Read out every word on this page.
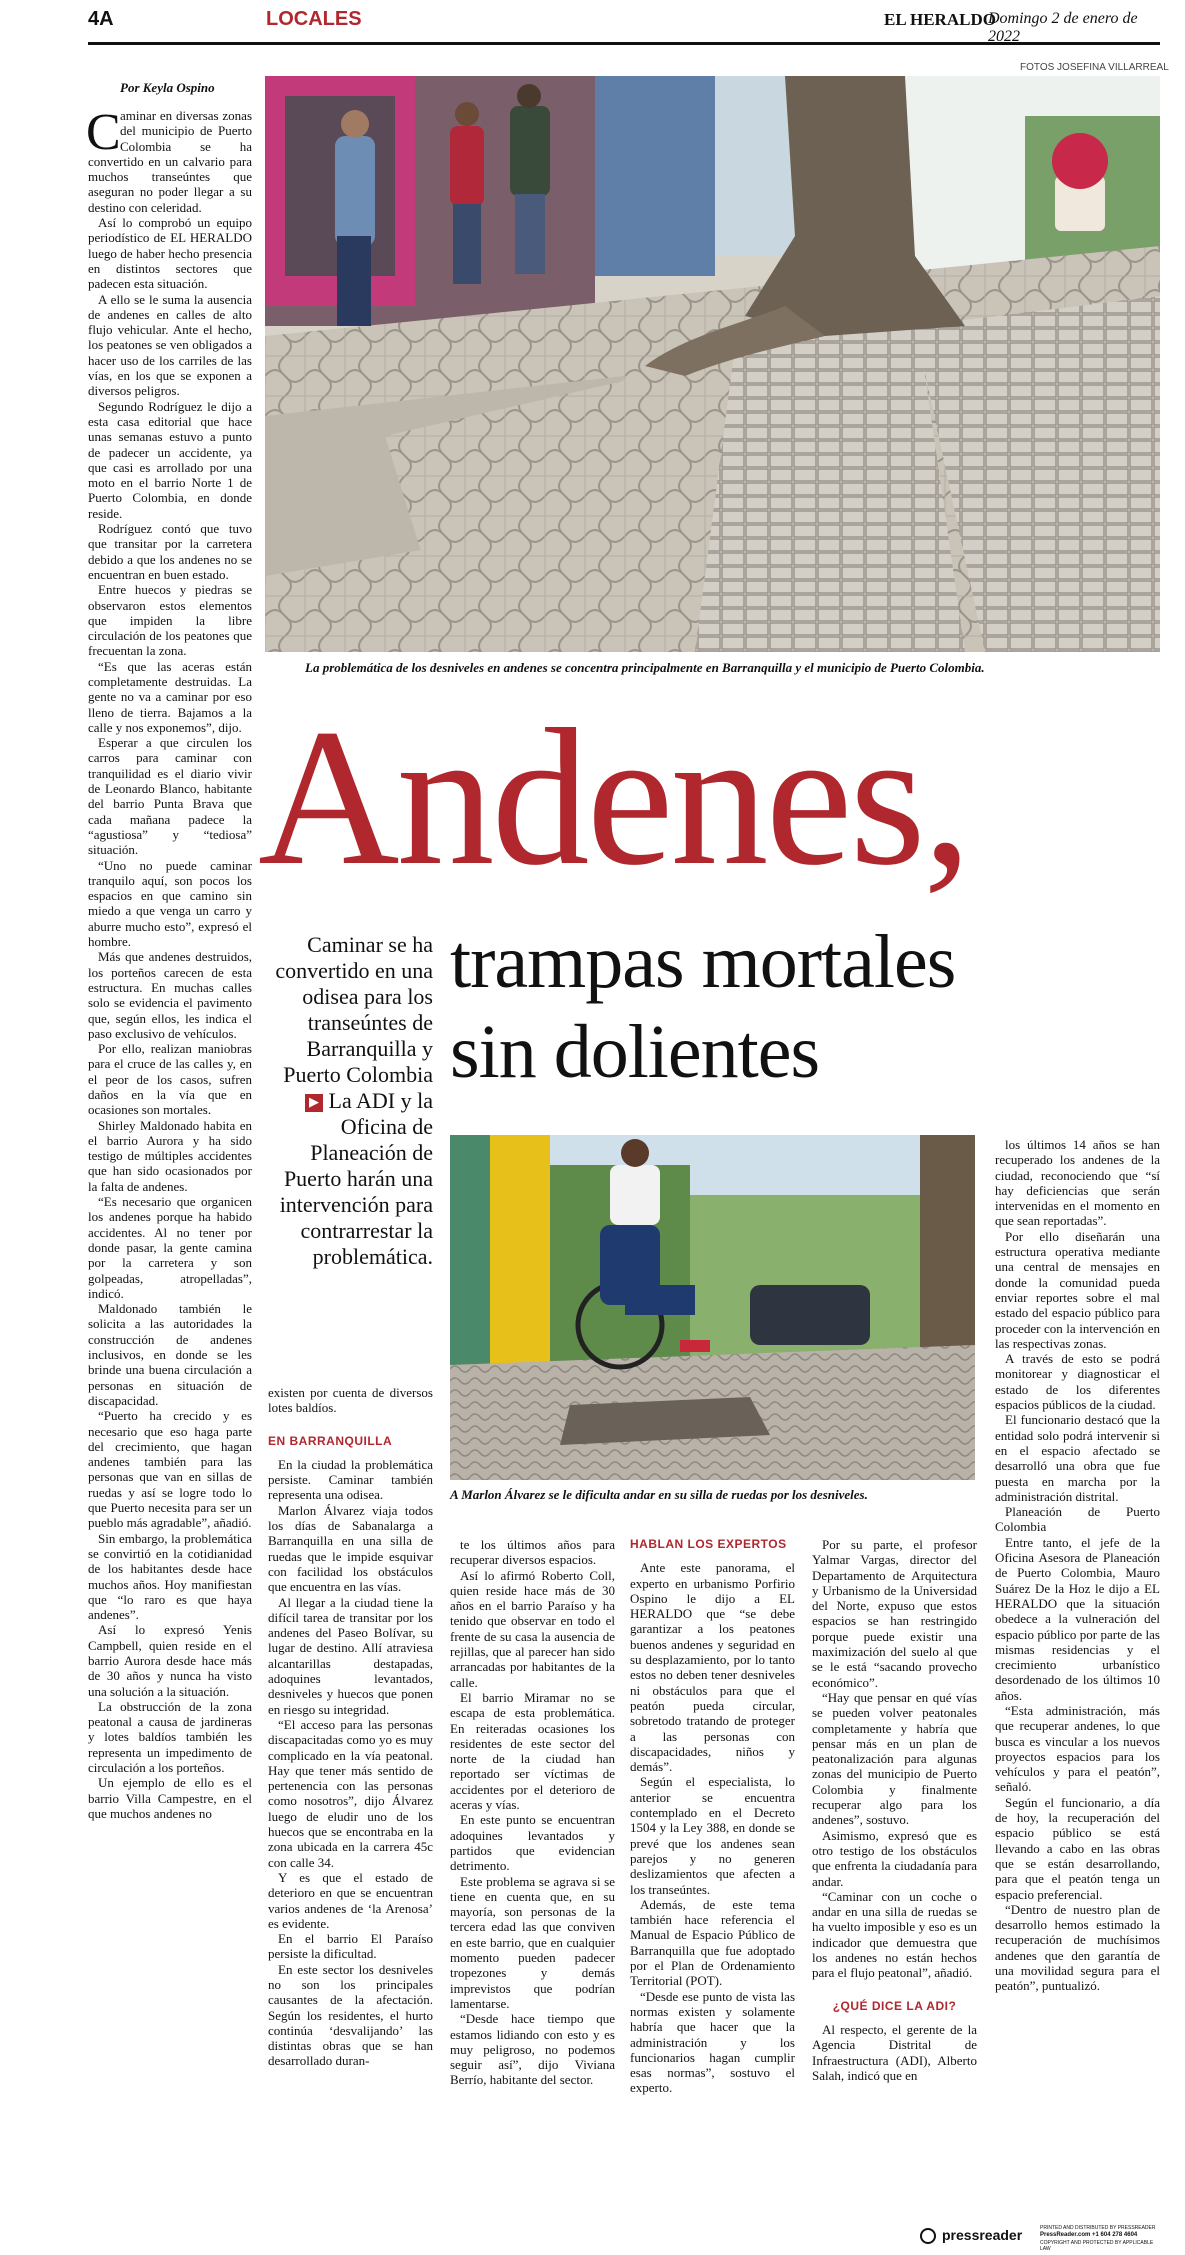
4A	LOCALES	EL HERALDO
Domingo 2 de enero de 2022
Por Keyla Ospino
FOTOS JOSEFINA VILLARREAL
La problemática de los desniveles en andenes se concentra principalmente en Barranquilla y el municipio de Puerto Colombia.
Andenes,
trampas mortales
sin dolientes
Caminar se ha convertido en una odisea para los transeúntes de Barranquilla y Puerto Colombia ▶ La ADI y la Oficina de Planeación de Puerto harán una intervención para contrarrestar la problemática.
A Marlon Álvarez se le dificulta andar en su silla de ruedas por los desniveles.
C aminar en diversas zonas del municipio de Puerto Colombia se ha convertido en un calvario para muchos transeúntes que aseguran no poder llegar a su destino con celeridad.

Así lo comprobó un equipo periodístico de EL HERALDO luego de haber hecho presencia en distintos sectores que padecen esta situación.

A ello se le suma la ausencia de andenes en calles de alto flujo vehicular. Ante el hecho, los peatones se ven obligados a hacer uso de los carriles de las vías, en los que se exponen a diversos peligros.

Segundo Rodríguez le dijo a esta casa editorial que hace unas semanas estuvo a punto de padecer un accidente, ya que casi es arrollado por una moto en el barrio Norte 1 de Puerto Colombia, en donde reside.

Rodríguez contó que tuvo que transitar por la carretera debido a que los andenes no se encuentran en buen estado.

Entre huecos y piedras se observaron estos elementos que impiden la libre circulación de los peatones que frecuentan la zona.

“Es que las aceras están completamente destruidas. La gente no va a caminar por eso lleno de tierra. Bajamos a la calle y nos exponemos”, dijo.

Esperar a que circulen los carros para caminar con tranquilidad es el diario vivir de Leonardo Blanco, habitante del barrio Punta Brava que cada mañana padece la “agustiosa” y “tediosa” situación.

“Uno no puede caminar tranquilo aquí, son pocos los espacios en que camino sin miedo a que venga un carro y aburre mucho esto”, expresó el hombre.

Más que andenes destruidos, los porteños carecen de esta estructura. En muchas calles solo se evidencia el pavimento que, según ellos, les indica el paso exclusivo de vehículos.

Por ello, realizan maniobras para el cruce de las calles y, en el peor de los casos, sufren daños en la vía que en ocasiones son mortales.

Shirley Maldonado habita en el barrio Aurora y ha sido testigo de múltiples accidentes que han sido ocasionados por la falta de andenes.

“Es necesario que organicen los andenes porque ha habido accidentes. Al no tener por donde pasar, la gente camina por la carretera y son golpeadas, atropelladas”, indicó.

Maldonado también le solicita a las autoridades la construcción de andenes inclusivos, en donde se les brinde una buena circulación a personas en situación de discapacidad.

“Puerto ha crecido y es necesario que eso haga parte del crecimiento, que hagan andenes también para las personas que van en sillas de ruedas y así se logre todo lo que Puerto necesita para ser un pueblo más agradable”, añadió.

Sin embargo, la problemática se convirtió en la cotidianidad de los habitantes desde hace muchos años. Hoy manifiestan que “lo raro es que haya andenes”.

Así lo expresó Yenis Campbell, quien reside en el barrio Aurora desde hace más de 30 años y nunca ha visto una solución a la situación.

La obstrucción de la zona peatonal a causa de jardineras y lotes baldíos también les representa un impedimento de circulación a los porteños.

Un ejemplo de ello es el barrio Villa Campestre, en el que muchos andenes no

existen por cuenta de diversos lotes baldíos.

EN BARRANQUILLA

En la ciudad la problemática persiste. Caminar también representa una odisea.

Marlon Álvarez viaja todos los días de Sabanalarga a Barranquilla en una silla de ruedas que le impide esquivar con facilidad los obstáculos que encuentra en las vías.

Al llegar a la ciudad tiene la difícil tarea de transitar por los andenes del Paseo Bolívar, su lugar de destino. Allí atraviesa alcantarillas destapadas, adoquines levantados, desniveles y huecos que ponen en riesgo su integridad.

“El acceso para las personas discapacitadas como yo es muy complicado en la vía peatonal. Hay que tener más sentido de pertenencia con las personas como nosotros”, dijo Álvarez luego de eludir uno de los huecos que se encontraba en la zona ubicada en la carrera 45c con calle 34.

Y es que el estado de deterioro en que se encuentran varios andenes de ‘la Arenosa’ es evidente.

En el barrio El Paraíso persiste la dificultad.

En este sector los desniveles no son los principales causantes de la afectación. Según los residentes, el hurto continúa ‘desvalijando’ las distintas obras que se han desarrollado duran-

te los últimos años para recuperar diversos espacios.

Así lo afirmó Roberto Coll, quien reside hace más de 30 años en el barrio Paraíso y ha tenido que observar en todo el frente de su casa la ausencia de rejillas, que al parecer han sido arrancadas por habitantes de la calle.

El barrio Miramar no se escapa de esta problemática. En reiteradas ocasiones los residentes de este sector del norte de la ciudad han reportado ser víctimas de accidentes por el deterioro de aceras y vías.

En este punto se encuentran adoquines levantados y partidos que evidencian detrimento.

Este problema se agrava si se tiene en cuenta que, en su mayoría, son personas de la tercera edad las que conviven en este barrio, que en cualquier momento pueden padecer tropezones y demás imprevistos que podrían lamentarse.

“Desde hace tiempo que estamos lidiando con esto y es muy peligroso, no podemos seguir así”, dijo Viviana Berrío, habitante del sector.

HABLAN LOS EXPERTOS

Ante este panorama, el experto en urbanismo Porfirio Ospino le dijo a EL HERALDO que “se debe garantizar a los peatones buenos andenes y seguridad en su desplazamiento, por lo tanto estos no deben tener desniveles ni obstáculos para que el peatón pueda circular, sobretodo tratando de proteger a las personas con discapacidades, niños y demás”.

Según el especialista, lo anterior se encuentra contemplado en el Decreto 1504 y la Ley 388, en donde se prevé que los andenes sean parejos y no generen deslizamientos que afecten a los transeúntes.

Además, de este tema también hace referencia el Manual de Espacio Público de Barranquilla que fue adoptado por el Plan de Ordenamiento Territorial (POT).

“Desde ese punto de vista las normas existen y solamente habría que hacer que la administración y los funcionarios hagan cumplir esas normas”, sostuvo el experto.

Por su parte, el profesor Yalmar Vargas, director del Departamento de Arquitectura y Urbanismo de la Universidad del Norte, expuso que estos espacios se han restringido porque puede existir una maximización del suelo al que se le está “sacando provecho económico”.

“Hay que pensar en qué vías se pueden volver peatonales completamente y habría que pensar más en un plan de peatonalización para algunas zonas del municipio de Puerto Colombia y finalmente recuperar algo para los andenes”, sostuvo.

Asimismo, expresó que es otro testigo de los obstáculos que enfrenta la ciudadanía para andar.

“Caminar con un coche o andar en una silla de ruedas se ha vuelto imposible y eso es un indicador que demuestra que los andenes no están hechos para el flujo peatonal”, añadió.

¿QUÉ DICE LA ADI?

Al respecto, el gerente de la Agencia Distrital de Infraestructura (ADI), Alberto Salah, indicó que en

los últimos 14 años se han recuperado los andenes de la ciudad, reconociendo que “sí hay deficiencias que serán intervenidas en el momento en que sean reportadas”.

Por ello diseñarán una estructura operativa mediante una central de mensajes en donde la comunidad pueda enviar reportes sobre el mal estado del espacio público para proceder con la intervención en las respectivas zonas.

A través de esto se podrá monitorear y diagnosticar el estado de los diferentes espacios públicos de la ciudad.

El funcionario destacó que la entidad solo podrá intervenir si en el espacio afectado se desarrolló una obra que fue puesta en marcha por la administración distrital.

Planeación de Puerto Colombia

Entre tanto, el jefe de la Oficina Asesora de Planeación de Puerto Colombia, Mauro Suárez De la Hoz le dijo a EL HERALDO que la situación obedece a la vulneración del espacio público por parte de las mismas residencias y el crecimiento urbanístico desordenado de los últimos 10 años.

“Esta administración, más que recuperar andenes, lo que busca es vincular a los nuevos proyectos espacios para los vehículos y para el peatón”, señaló.

Según el funcionario, a día de hoy, la recuperación del espacio público se está llevando a cabo en las obras que se están desarrollando, para que el peatón tenga un espacio preferencial.

“Dentro de nuestro plan de desarrollo hemos estimado la recuperación de muchísimos andenes que den garantía de una movilidad segura para el peatón”, puntualizó.

pressreader	PRINTED AND DISTRIBUTED BY PRESSREADER
PressReader.com +1 604 278 4604
COPYRIGHT AND PROTECTED BY APPLICABLE LAW
